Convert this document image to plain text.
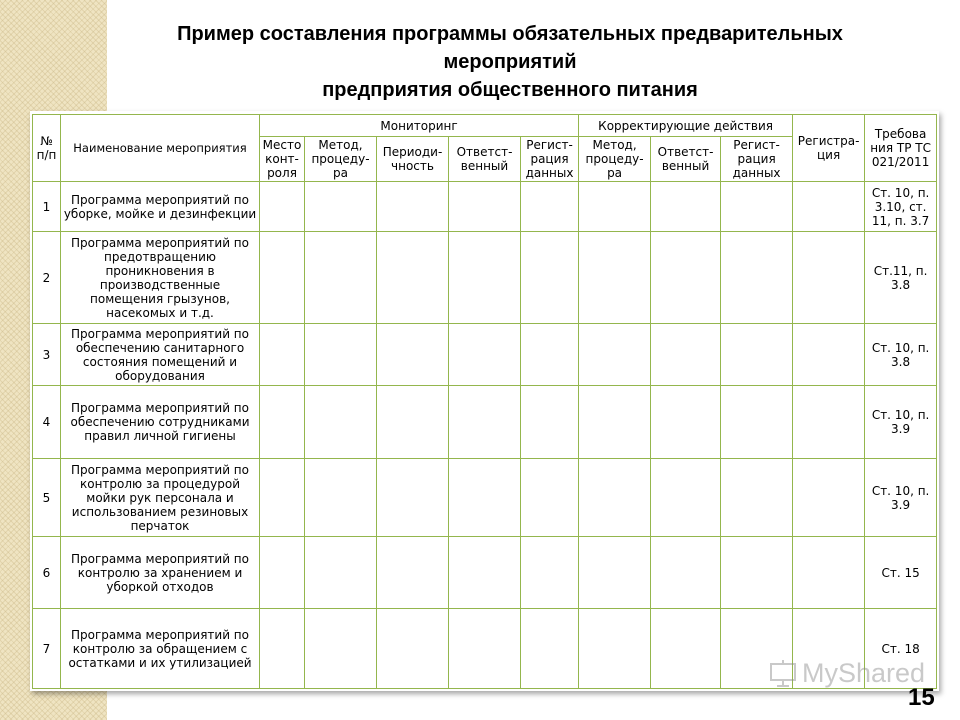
Пример составления программы обязательных предварительных
мероприятий
предприятия общественного питания
№ п/п	Наименование мероприятия	Мониторинг					Корректирующие действия			Регистра- ция	Требова ния ТР ТС 021/2011
		Место конт- роля	Метод, процеду- ра	Периоди- чность	Ответст- венный	Регист- рация данных	Метод, процеду- ра	Ответст- венный	Регист- рация данных		
1	Программа мероприятий по уборке, мойке и дезинфекции										Ст. 10, п. 3.10, ст. 11, п. 3.7
2	Программа мероприятий по предотвращению проникновения в производственные помещения грызунов, насекомых и т.д.										Ст.11, п. 3.8
3	Программа мероприятий по обеспечению санитарного состояния помещений и оборудования										Ст. 10, п. 3.8
4	Программа мероприятий по обеспечению сотрудниками правил личной гигиены										Ст. 10, п. 3.9
5	Программа мероприятий по контролю за процедурой мойки рук персонала и использованием резиновых перчаток										Ст. 10, п. 3.9
6	Программа мероприятий по контролю за хранением и уборкой отходов										Ст. 15
7	Программа мероприятий по контролю за обращением с остатками и их утилизацией										Ст. 18
MyShared
15
